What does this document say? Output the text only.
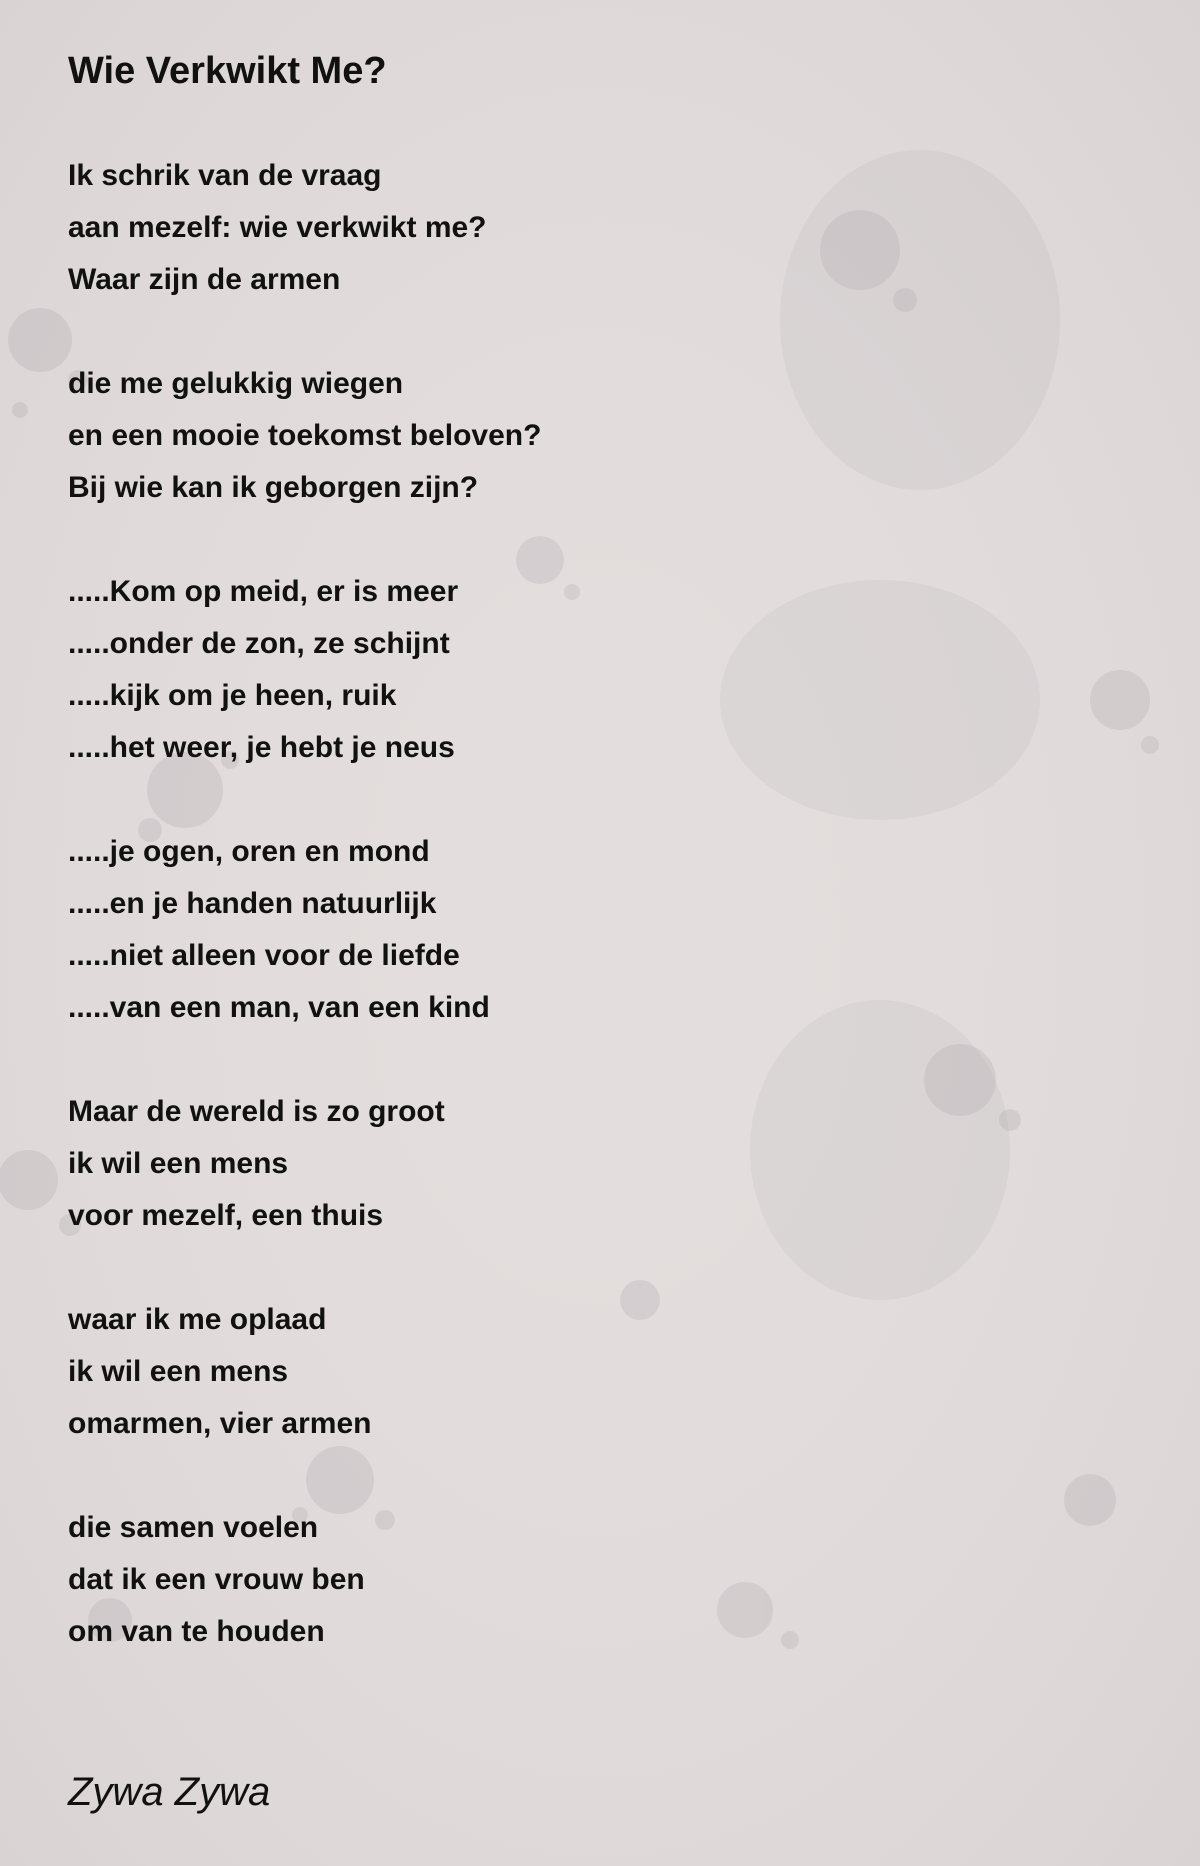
Wie Verkwikt Me?
Ik schrik van de vraag
aan mezelf: wie verkwikt me?
Waar zijn de armen
die me gelukkig wiegen
en een mooie toekomst beloven?
Bij wie kan ik geborgen zijn?
.....Kom op meid, er is meer
.....onder de zon, ze schijnt
.....kijk om je heen, ruik
.....het weer, je hebt je neus
.....je ogen, oren en mond
.....en je handen natuurlijk
.....niet alleen voor de liefde
.....van een man, van een kind
Maar de wereld is zo groot
ik wil een mens
voor mezelf, een thuis
waar ik me oplaad
ik wil een mens
omarmen, vier armen
die samen voelen
dat ik een vrouw ben
om van te houden
Zywa Zywa
